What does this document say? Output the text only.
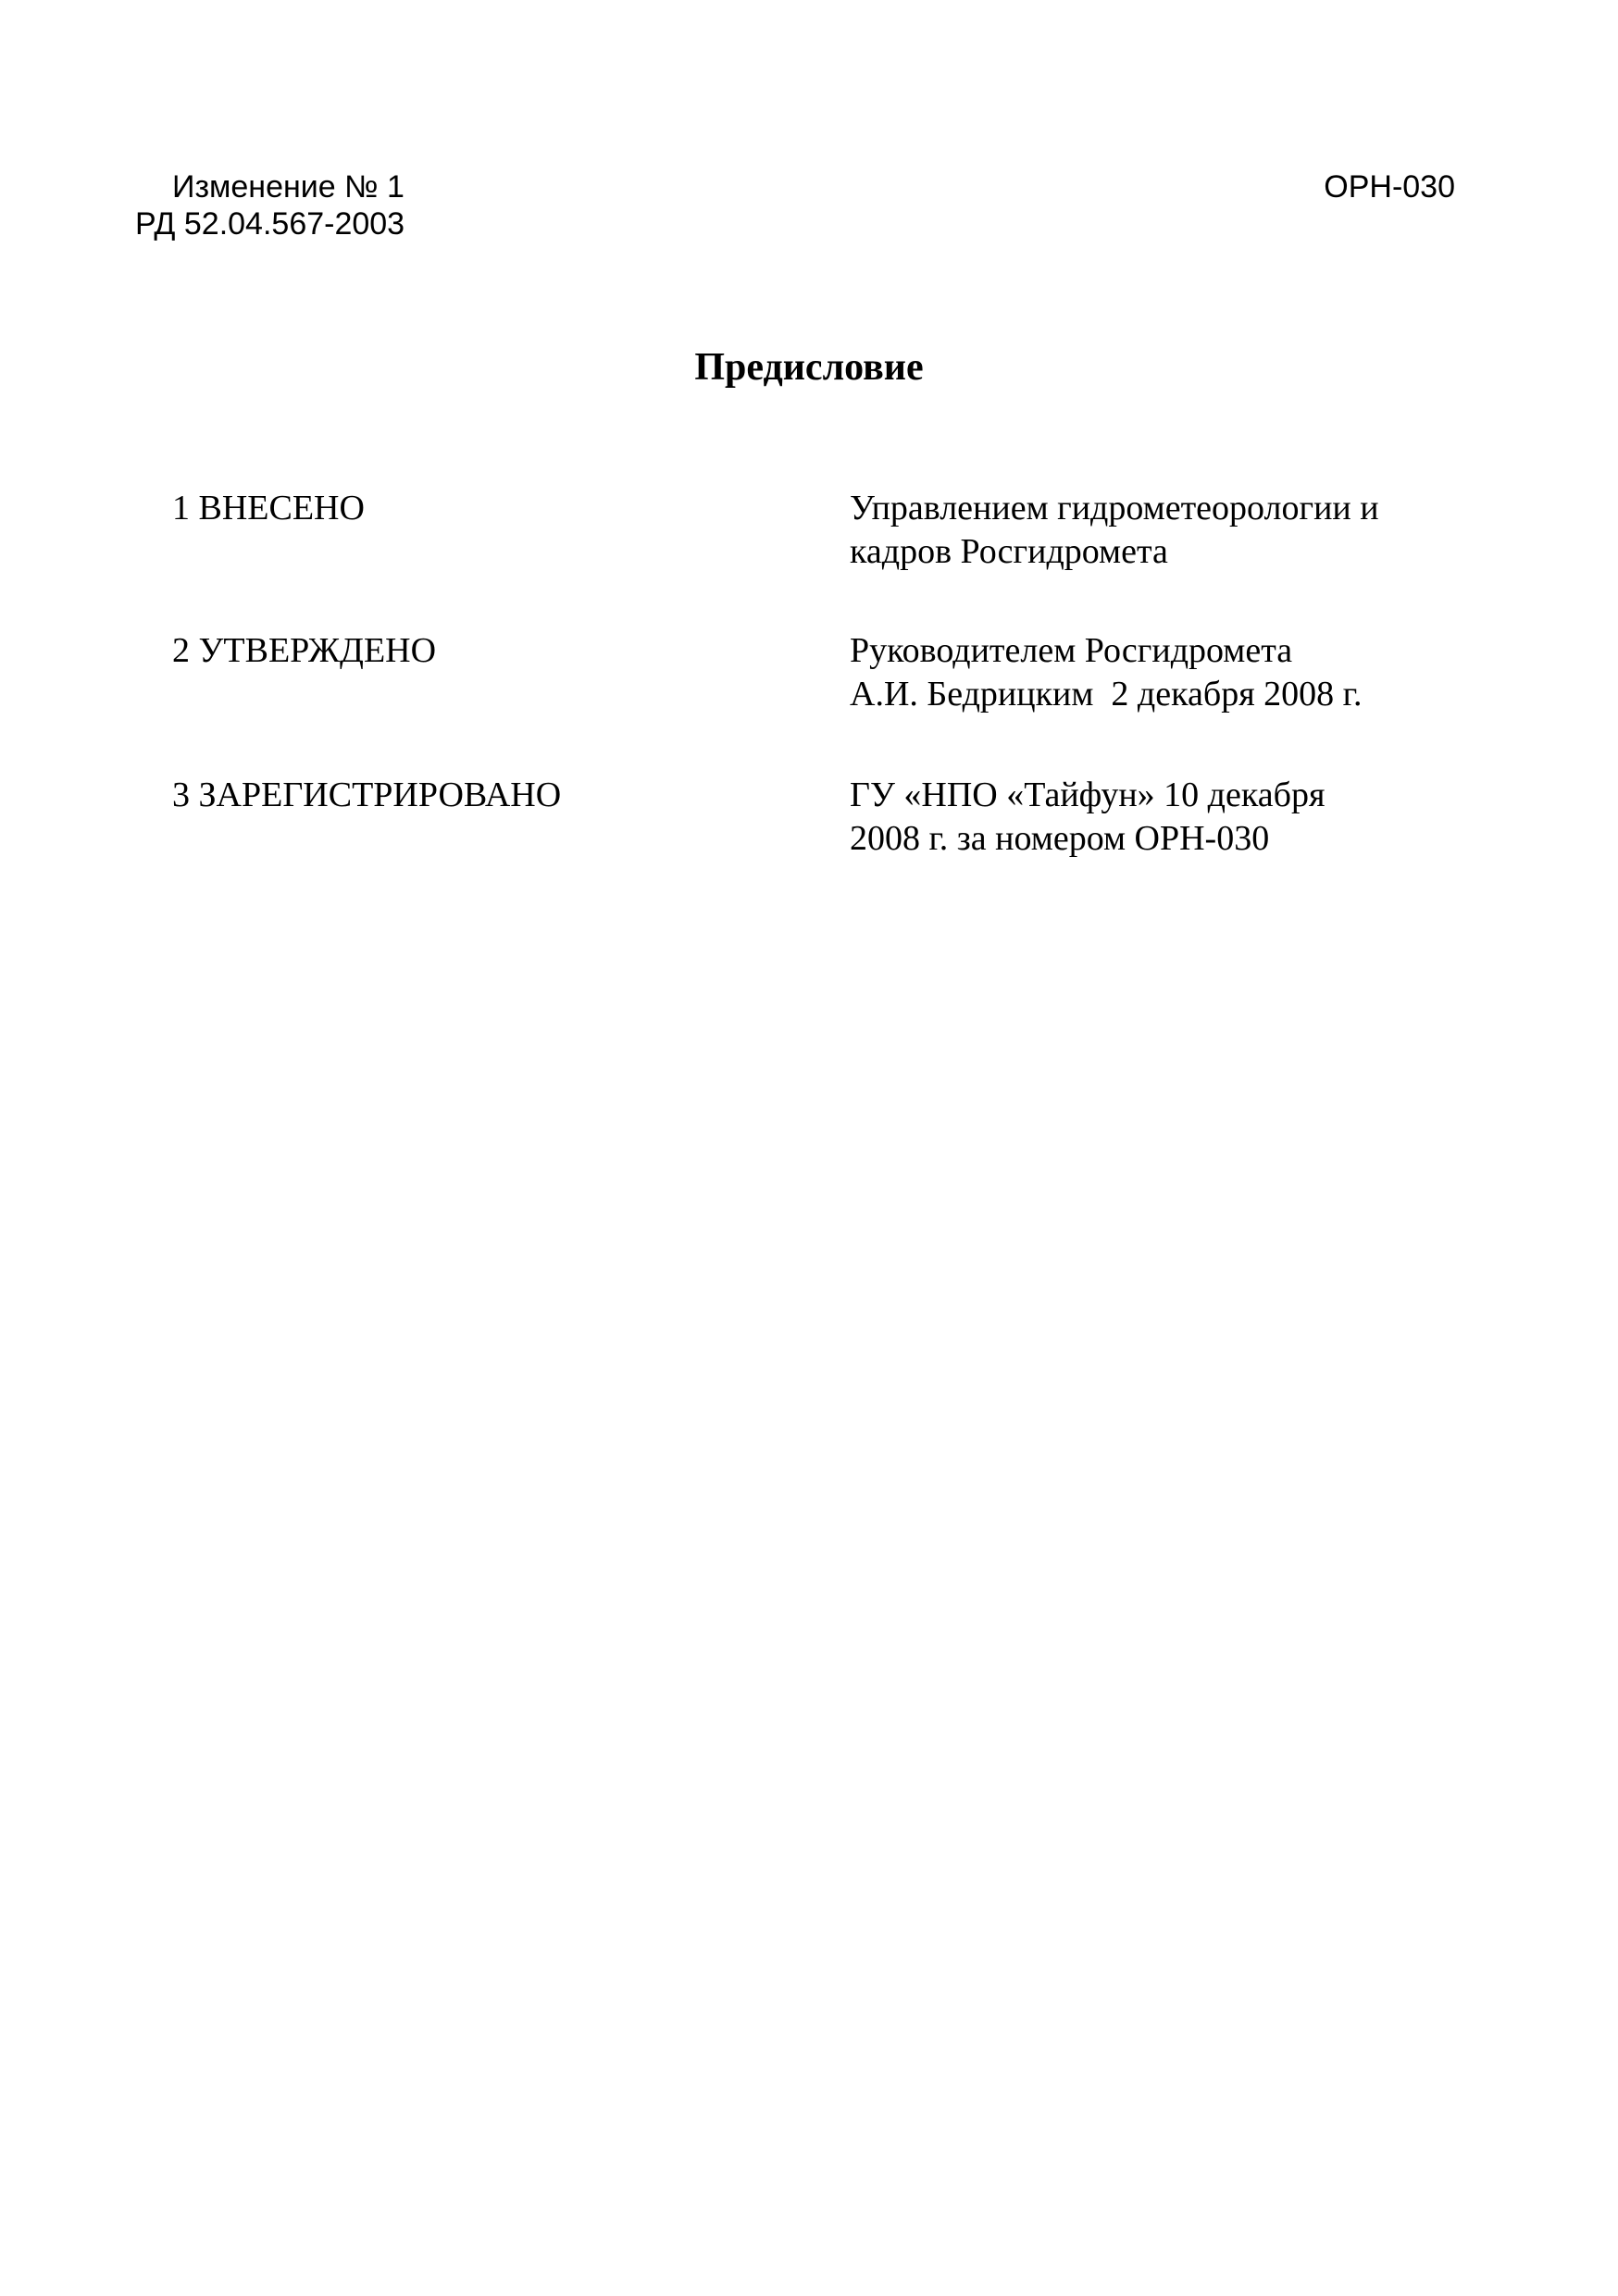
Изменение № 1
РД 52.04.567-2003
ОРН-030
Предисловие
1 ВНЕСЕНО	Управлением гидрометеорологии и
кадров Росгидромета
2 УТВЕРЖДЕНО	Руководителем Росгидромета
А.И. Бедрицким  2 декабря 2008 г.
3 ЗАРЕГИСТРИРОВАНО	ГУ «НПО «Тайфун» 10 декабря
2008 г. за номером ОРН-030
